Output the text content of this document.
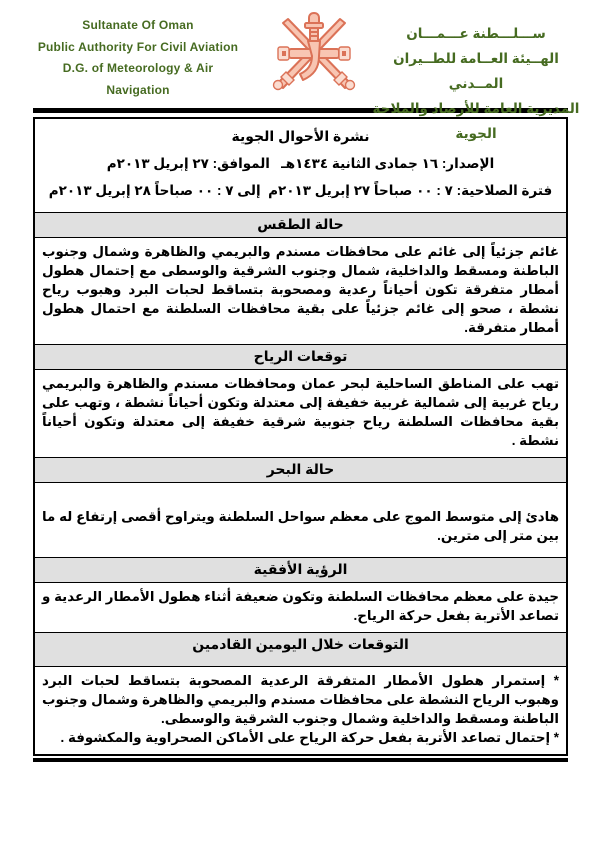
Sultanate Of Oman
Public Authority For Civil Aviation
D.G. of Meteorology & Air
Navigation
ســـلـــطنة عـــمـــان
الهــيئة العــامة للطــيران المــدني
المديرية العامة للأرصاد والملاحة الجوية
نشرة الأحوال الجوية
الإصدار: ١٦ جمادى الثانية ١٤٣٤هـ   الموافق: ٢٧ إبريل ٢٠١٣م
فترة الصلاحية: ٧ : ٠٠ صباحاً ٢٧ إبريل ٢٠١٣م  إلى ٧ : ٠٠ صباحاً ٢٨ إبريل ٢٠١٣م
حالة الطقس
غائم جزئياً إلى غائم على محافظات مسندم والبريمي والظاهرة وشمال وجنوب الباطنة ومسقط والداخلية، شمال وجنوب الشرقية والوسطى مع إحتمال هطول أمطار متفرقة تكون أحياناً رعدية ومصحوبة بتساقط لحبات البرد وهبوب رياح نشطة ، صحو إلى غائم جزئياً على بقية محافظات السلطنة مع احتمال هطول أمطار متفرقة.
توقعات الرياح
تهب على المناطق الساحلية لبحر عمان ومحافظات مسندم والظاهرة والبريمي رياح غربية إلى شمالية غربية خفيفة إلى معتدلة وتكون أحياناً نشطة ، وتهب على بقية محافظات السلطنة رياح جنوبية شرقية خفيفة إلى معتدلة وتكون أحياناً نشطة .
حالة البحر
هادئ إلى متوسط الموج على معظم سواحل السلطنة ويتراوح أقصى إرتفاع له ما بين متر إلى مترين.
الرؤية الأفقية
جيدة على معظم محافظات السلطنة وتكون ضعيفة أثناء هطول الأمطار الرعدية و تصاعد الأتربة بفعل حركة الرياح.
التوقعات خلال اليومين القادمين

* إستمرار هطول الأمطار المتفرقة الرعدية المصحوبة بتساقط لحبات البرد وهبوب الرياح النشطة على محافظات مسندم والبريمي والظاهرة وشمال وجنوب الباطنة ومسقط والداخلية وشمال وجنوب الشرقية والوسطى.

* إحتمال تصاعد الأتربة بفعل حركة الرياح على الأماكن الصحراوية والمكشوفة .
